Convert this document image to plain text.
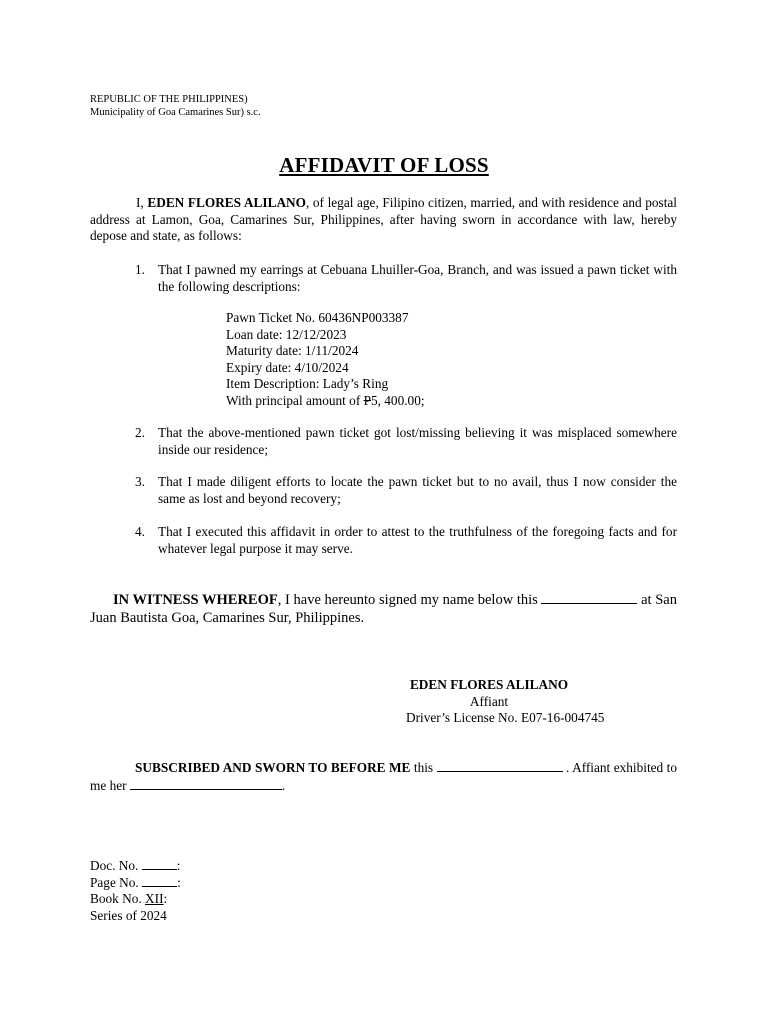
REPUBLIC OF THE PHILIPPINES)
Municipality of Goa Camarines Sur) s.c.
AFFIDAVIT OF LOSS

I, EDEN FLORES ALILANO, of legal age, Filipino citizen, married, and with residence and postal address at Lamon, Goa, Camarines Sur, Philippines, after having sworn in accordance with law, hereby depose and state, as follows:

1. That I pawned my earrings at Cebuana Lhuiller-Goa, Branch, and was issued a pawn ticket with the following descriptions:
Pawn Ticket No. 60436NP003387
Loan date: 12/12/2023
Maturity date: 1/11/2024
Expiry date: 4/10/2024
Item Description: Lady’s Ring
With principal amount of P5, 400.00;
2. That the above-mentioned pawn ticket got lost/missing believing it was misplaced somewhere inside our residence;
3. That I made diligent efforts to locate the pawn ticket but to no avail, thus I now consider the same as lost and beyond recovery;
4. That I executed this affidavit in order to attest to the truthfulness of the foregoing facts and for whatever legal purpose it may serve.

IN WITNESS WHEREOF, I have hereunto signed my name below this	at San Juan Bautista Goa, Camarines Sur, Philippines.

EDEN FLORES ALILANO
Affiant
Driver’s License No. E07-16-004745

SUBSCRIBED AND SWORN TO BEFORE ME this	. Affiant exhibited to me her	.

Doc. No.	:
Page No.	:
Book No. XII:
Series of 2024
